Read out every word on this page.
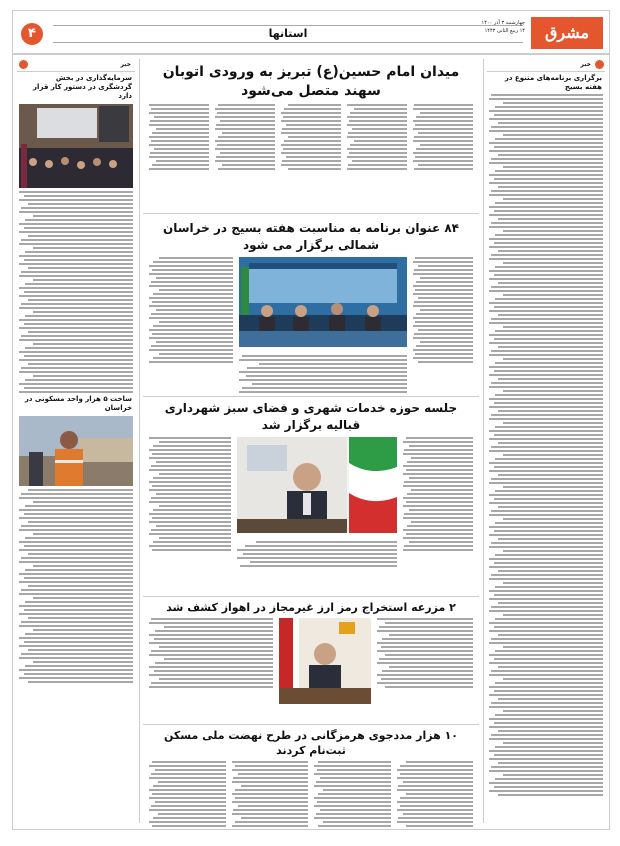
۴	استانها
چهارشنبه ۳ آذر ۱۴۰۰
۱۴ ربیع الثانی ۱۴۴۳	مشرق
خبر
سرمایه‌گذاری در بخش گردشگری در دستور کار قرار دارد
ساخت ۵ هزار واحد مسکونی در خراسان
خبر
برگزاری برنامه‌های متنوع در هفته بسیج
میدان امام حسین(ع) تبریز به ورودی اتوبان سهند متصل می‌شود
۸۴ عنوان برنامه به مناسبت هفته بسیج در خراسان شمالی برگزار می شود
جلسه حوزه خدمات شهری و فضای سبز شهرداری قبالیه برگزار شد
۲ مزرعه استخراج رمز ارز غیرمجاز در اهواز کشف شد
۱۰ هزار مددجوی هرمزگانی در طرح نهضت ملی مسکن ثبت‌نام کردند
